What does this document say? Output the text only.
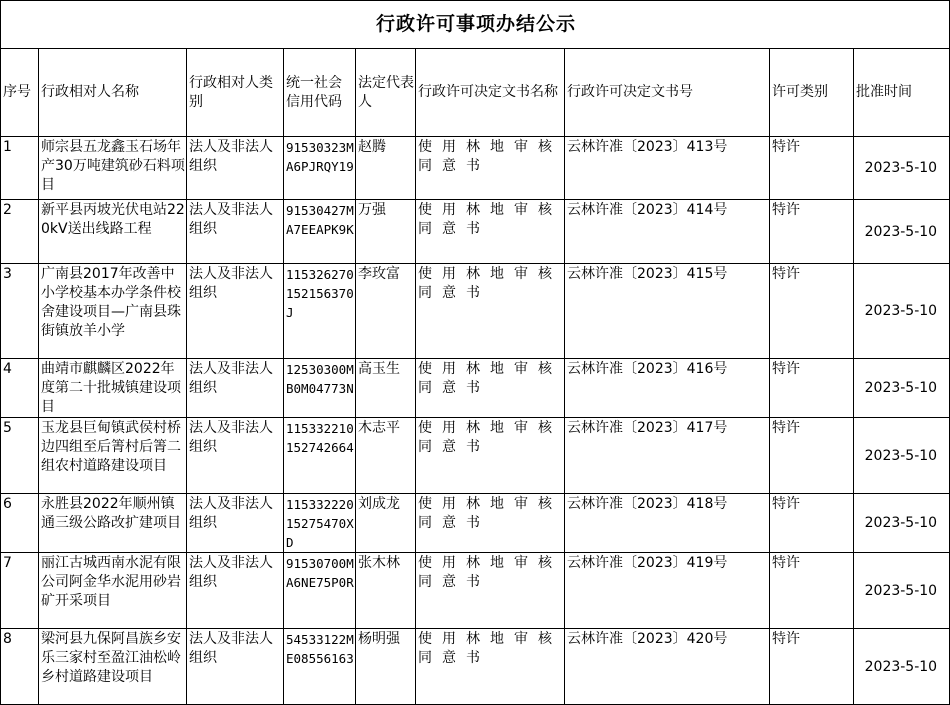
行政许可事项办结公示								
序号	行政相对人名称	行政相对人类别	统一社会信用代码	法定代表人	行政许可决定文书名称	行政许可决定文书号	许可类别	批准时间
1	师宗县五龙鑫玉石场年产30万吨建筑砂石料项目	法人及非法人组织	91530323MA6PJRQY19	赵腾	使用林地审核同意书	云林许准〔2023〕413号	特许	2023-5-10
2	新平县丙坡光伏电站220kV送出线路工程	法人及非法人组织	91530427MA7EEAPK9K	万强	使用林地审核同意书	云林许准〔2023〕414号	特许	2023-5-10
3	广南县2017年改善中小学校基本办学条件校舍建设项目—广南县珠街镇放羊小学	法人及非法人组织	115326270152156370J	李玫富	使用林地审核同意书	云林许准〔2023〕415号	特许	2023-5-10
4	曲靖市麒麟区2022年度第二十批城镇建设项目	法人及非法人组织	12530300MB0M04773N	高玉生	使用林地审核同意书	云林许准〔2023〕416号	特许	2023-5-10
5	玉龙县巨甸镇武侯村桥边四组至后箐村后箐二组农村道路建设项目	法人及非法人组织	115332210152742664	木志平	使用林地审核同意书	云林许准〔2023〕417号	特许	2023-5-10
6	永胜县2022年顺州镇通三级公路改扩建项目	法人及非法人组织	11533222015275470XD	刘成龙	使用林地审核同意书	云林许准〔2023〕418号	特许	2023-5-10
7	丽江古城西南水泥有限公司阿金华水泥用砂岩矿开采项目	法人及非法人组织	91530700MA6NE75P0R	张木林	使用林地审核同意书	云林许准〔2023〕419号	特许	2023-5-10
8	梁河县九保阿昌族乡安乐三家村至盈江油松岭乡村道路建设项目	法人及非法人组织	54533122ME08556163	杨明强	使用林地审核同意书	云林许准〔2023〕420号	特许	2023-5-10
